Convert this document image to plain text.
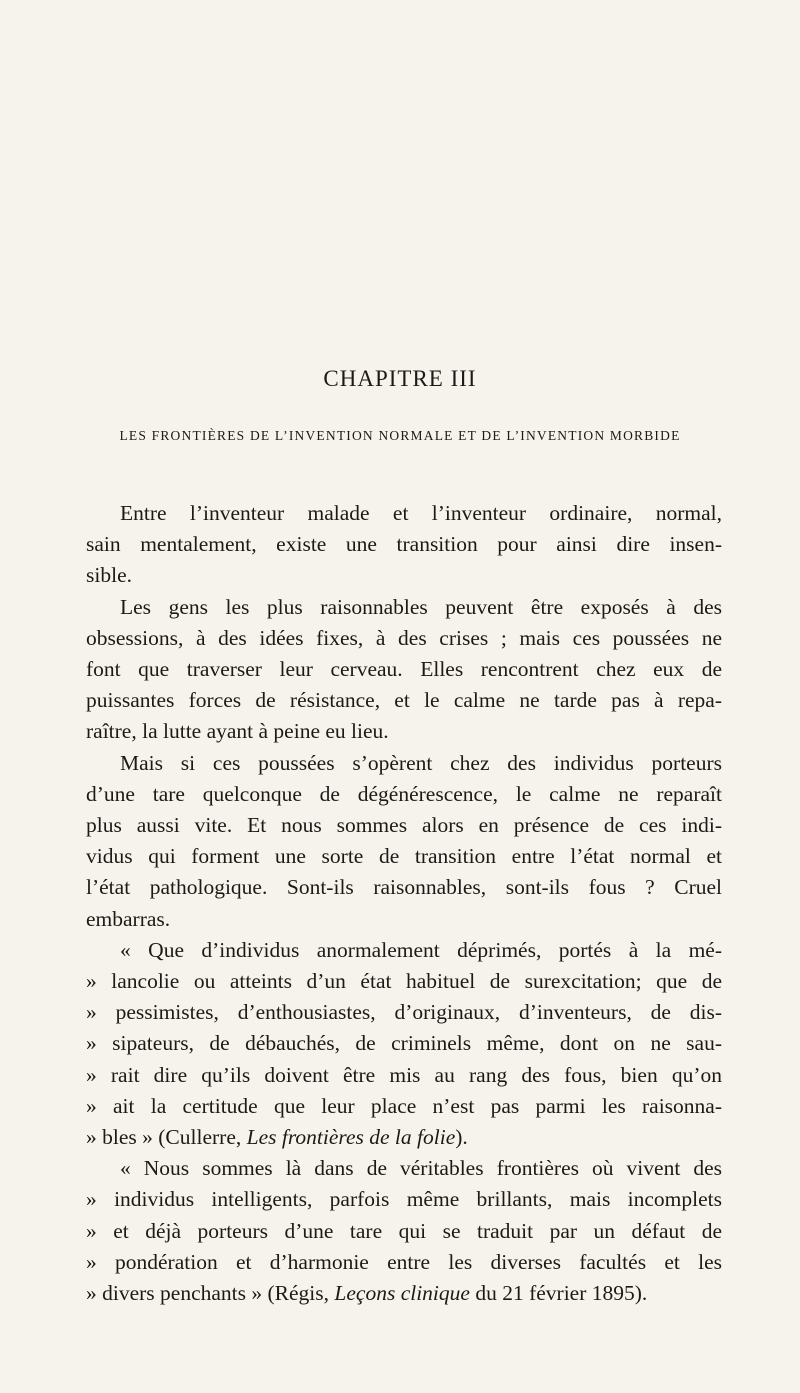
CHAPITRE III
LES FRONTIÈRES DE L’INVENTION NORMALE ET DE L’INVENTION MORBIDE
Entre l’inventeur malade et l’inventeur ordinaire, normal,
sain mentalement, existe une transition pour ainsi dire insen-
sible.
Les gens les plus raisonnables peuvent être exposés à des
obsessions, à des idées fixes, à des crises ; mais ces poussées ne
font que traverser leur cerveau. Elles rencontrent chez eux de
puissantes forces de résistance, et le calme ne tarde pas à repa-
raître, la lutte ayant à peine eu lieu.
Mais si ces poussées s’opèrent chez des individus porteurs
d’une tare quelconque de dégénérescence, le calme ne reparaît
plus aussi vite. Et nous sommes alors en présence de ces indi-
vidus qui forment une sorte de transition entre l’état normal et
l’état pathologique. Sont-ils raisonnables, sont-ils fous ? Cruel
embarras.
« Que d’individus anormalement déprimés, portés à la mé-
» lancolie ou atteints d’un état habituel de surexcitation; que de
» pessimistes, d’enthousiastes, d’originaux, d’inventeurs, de dis-
» sipateurs, de débauchés, de criminels même, dont on ne sau-
» rait dire qu’ils doivent être mis au rang des fous, bien qu’on
» ait la certitude que leur place n’est pas parmi les raisonna-
» bles » (Cullerre, Les frontières de la folie).
« Nous sommes là dans de véritables frontières où vivent des
» individus intelligents, parfois même brillants, mais incomplets
» et déjà porteurs d’une tare qui se traduit par un défaut de
» pondération et d’harmonie entre les diverses facultés et les
» divers penchants » (Régis, Leçons clinique du 21 février 1895).
